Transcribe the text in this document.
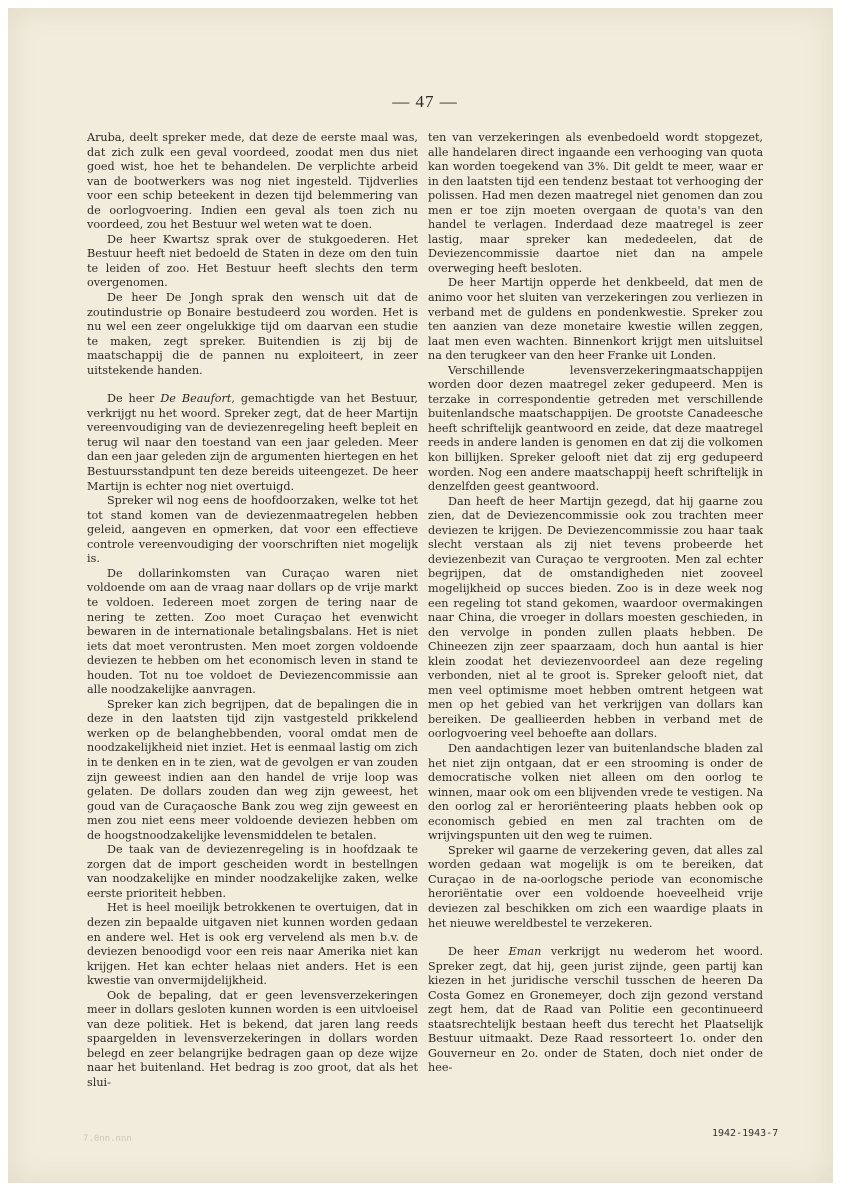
— 47 —

Aruba, deelt spreker mede, dat deze de eerste maal was, dat zich zulk een geval voordeed, zoodat men dus niet goed wist, hoe het te behandelen. De verplichte arbeid van de bootwerkers was nog niet ingesteld. Tijdverlies voor een schip beteekent in dezen tijd belemmering van de oorlogvoering. Indien een geval als toen zich nu voordeed, zou het Bestuur wel weten wat te doen.

De heer Kwartsz sprak over de stukgoederen. Het Bestuur heeft niet bedoeld de Staten in deze om den tuin te leiden of zoo. Het Bestuur heeft slechts den term overgenomen.

De heer De Jongh sprak den wensch uit dat de zoutindustrie op Bonaire bestudeerd zou worden. Het is nu wel een zeer ongelukkige tijd om daarvan een studie te maken, zegt spreker. Buitendien is zij bij de maatschappij die de pannen nu exploiteert, in zeer uitstekende handen.

De heer De Beaufort, gemachtigde van het Bestuur, verkrijgt nu het woord. Spreker zegt, dat de heer Martijn vereenvoudiging van de deviezenregeling heeft bepleit en terug wil naar den toestand van een jaar geleden. Meer dan een jaar geleden zijn de argumenten hiertegen en het Bestuursstandpunt ten deze bereids uiteengezet. De heer Martijn is echter nog niet overtuigd.

Spreker wil nog eens de hoofdoorzaken, welke tot het tot stand komen van de deviezenmaatregelen hebben geleid, aangeven en opmerken, dat voor een effectieve controle vereenvoudiging der voorschriften niet mogelijk is.

De dollarinkomsten van Curaçao waren niet voldoende om aan de vraag naar dollars op de vrije markt te voldoen. Iedereen moet zorgen de tering naar de nering te zetten. Zoo moet Curaçao het evenwicht bewaren in de internationale betalingsbalans. Het is niet iets dat moet verontrusten. Men moet zorgen voldoende deviezen te hebben om het economisch leven in stand te houden. Tot nu toe voldoet de Deviezencommissie aan alle noodzakelijke aanvragen.

Spreker kan zich begrijpen, dat de bepalingen die in deze in den laatsten tijd zijn vastgesteld prikkelend werken op de belanghebbenden, vooral omdat men de noodzakelijkheid niet inziet. Het is eenmaal lastig om zich in te denken en in te zien, wat de gevolgen er van zouden zijn geweest indien aan den handel de vrije loop was gelaten. De dollars zouden dan weg zijn geweest, het goud van de Curaçaosche Bank zou weg zijn geweest en men zou niet eens meer voldoende deviezen hebben om de hoogstnoodzakelijke levensmiddelen te betalen.

De taak van de deviezenregeling is in hoofdzaak te zorgen dat de import gescheiden wordt in bestellngen van noodzakelijke en minder noodzakelijke zaken, welke eerste prioriteit hebben.

Het is heel moeilijk betrokkenen te overtuigen, dat in dezen zin bepaalde uitgaven niet kunnen worden gedaan en andere wel. Het is ook erg vervelend als men b.v. de deviezen benoodigd voor een reis naar Amerika niet kan krijgen. Het kan echter helaas niet anders. Het is een kwestie van onvermijdelijkheid.

Ook de bepaling, dat er geen levensverzekeringen meer in dollars gesloten kunnen worden is een uitvloeisel van deze politiek. Het is bekend, dat jaren lang reeds spaargelden in levensverzekeringen in dollars worden belegd en zeer belangrijke bedragen gaan op deze wijze naar het buitenland. Het bedrag is zoo groot, dat als het slui-

ten van verzekeringen als evenbedoeld wordt stopgezet, alle handelaren direct ingaande een verhooging van quota kan worden toegekend van 3%. Dit geldt te meer, waar er in den laatsten tijd een tendenz bestaat tot verhooging der polissen. Had men dezen maatregel niet genomen dan zou men er toe zijn moeten overgaan de quota's van den handel te verlagen. Inderdaad deze maatregel is zeer lastig, maar spreker kan mededeelen, dat de Deviezencommissie daartoe niet dan na ampele overweging heeft besloten.

De heer Martijn opperde het denkbeeld, dat men de animo voor het sluiten van verzekeringen zou verliezen in verband met de guldens en pondenkwestie. Spreker zou ten aanzien van deze monetaire kwestie willen zeggen, laat men even wachten. Binnenkort krijgt men uitsluitsel na den terugkeer van den heer Franke uit Londen.

Verschillende levensverzekeringmaatschappijen worden door dezen maatregel zeker gedupeerd. Men is terzake in correspondentie getreden met verschillende buitenlandsche maatschappijen. De grootste Canadeesche heeft schriftelijk geantwoord en zeide, dat deze maatregel reeds in andere landen is genomen en dat zij die volkomen kon billijken. Spreker gelooft niet dat zij erg gedupeerd worden. Nog een andere maatschappij heeft schriftelijk in denzelfden geest geantwoord.

Dan heeft de heer Martijn gezegd, dat hij gaarne zou zien, dat de Deviezencommissie ook zou trachten meer deviezen te krijgen. De Deviezencommissie zou haar taak slecht verstaan als zij niet tevens probeerde het deviezenbezit van Curaçao te vergrooten. Men zal echter begrijpen, dat de omstandigheden niet zooveel mogelijkheid op succes bieden. Zoo is in deze week nog een regeling tot stand gekomen, waardoor overmakingen naar China, die vroeger in dollars moesten geschieden, in den vervolge in ponden zullen plaats hebben. De Chineezen zijn zeer spaarzaam, doch hun aantal is hier klein zoodat het deviezenvoordeel aan deze regeling verbonden, niet al te groot is. Spreker gelooft niet, dat men veel optimisme moet hebben omtrent hetgeen wat men op het gebied van het verkrijgen van dollars kan bereiken. De geallieerden hebben in verband met de oorlogvoering veel behoefte aan dollars.

Den aandachtigen lezer van buitenlandsche bladen zal het niet zijn ontgaan, dat er een strooming is onder de democratische volken niet alleen om den oorlog te winnen, maar ook om een blijvenden vrede te vestigen. Na den oorlog zal er heroriënteering plaats hebben ook op economisch gebied en men zal trachten om de wrijvingspunten uit den weg te ruimen.

Spreker wil gaarne de verzekering geven, dat alles zal worden gedaan wat mogelijk is om te bereiken, dat Curaçao in de na-oorlogsche periode van economische heroriëntatie over een voldoende hoeveelheid vrije deviezen zal beschikken om zich een waardige plaats in het nieuwe wereldbestel te verzekeren.

De heer Eman verkrijgt nu wederom het woord. Spreker zegt, dat hij, geen jurist zijnde, geen partij kan kiezen in het juridische verschil tusschen de heeren Da Costa Gomez en Gronemeyer, doch zijn gezond verstand zegt hem, dat de Raad van Politie een gecontinueerd staatsrechtelijk bestaan heeft dus terecht het Plaatselijk Bestuur uitmaakt. Deze Raad ressorteert 1o. onder den Gouverneur en 2o. onder de Staten, doch niet onder de hee-

7.0nn.nnn	1942-1943-7
